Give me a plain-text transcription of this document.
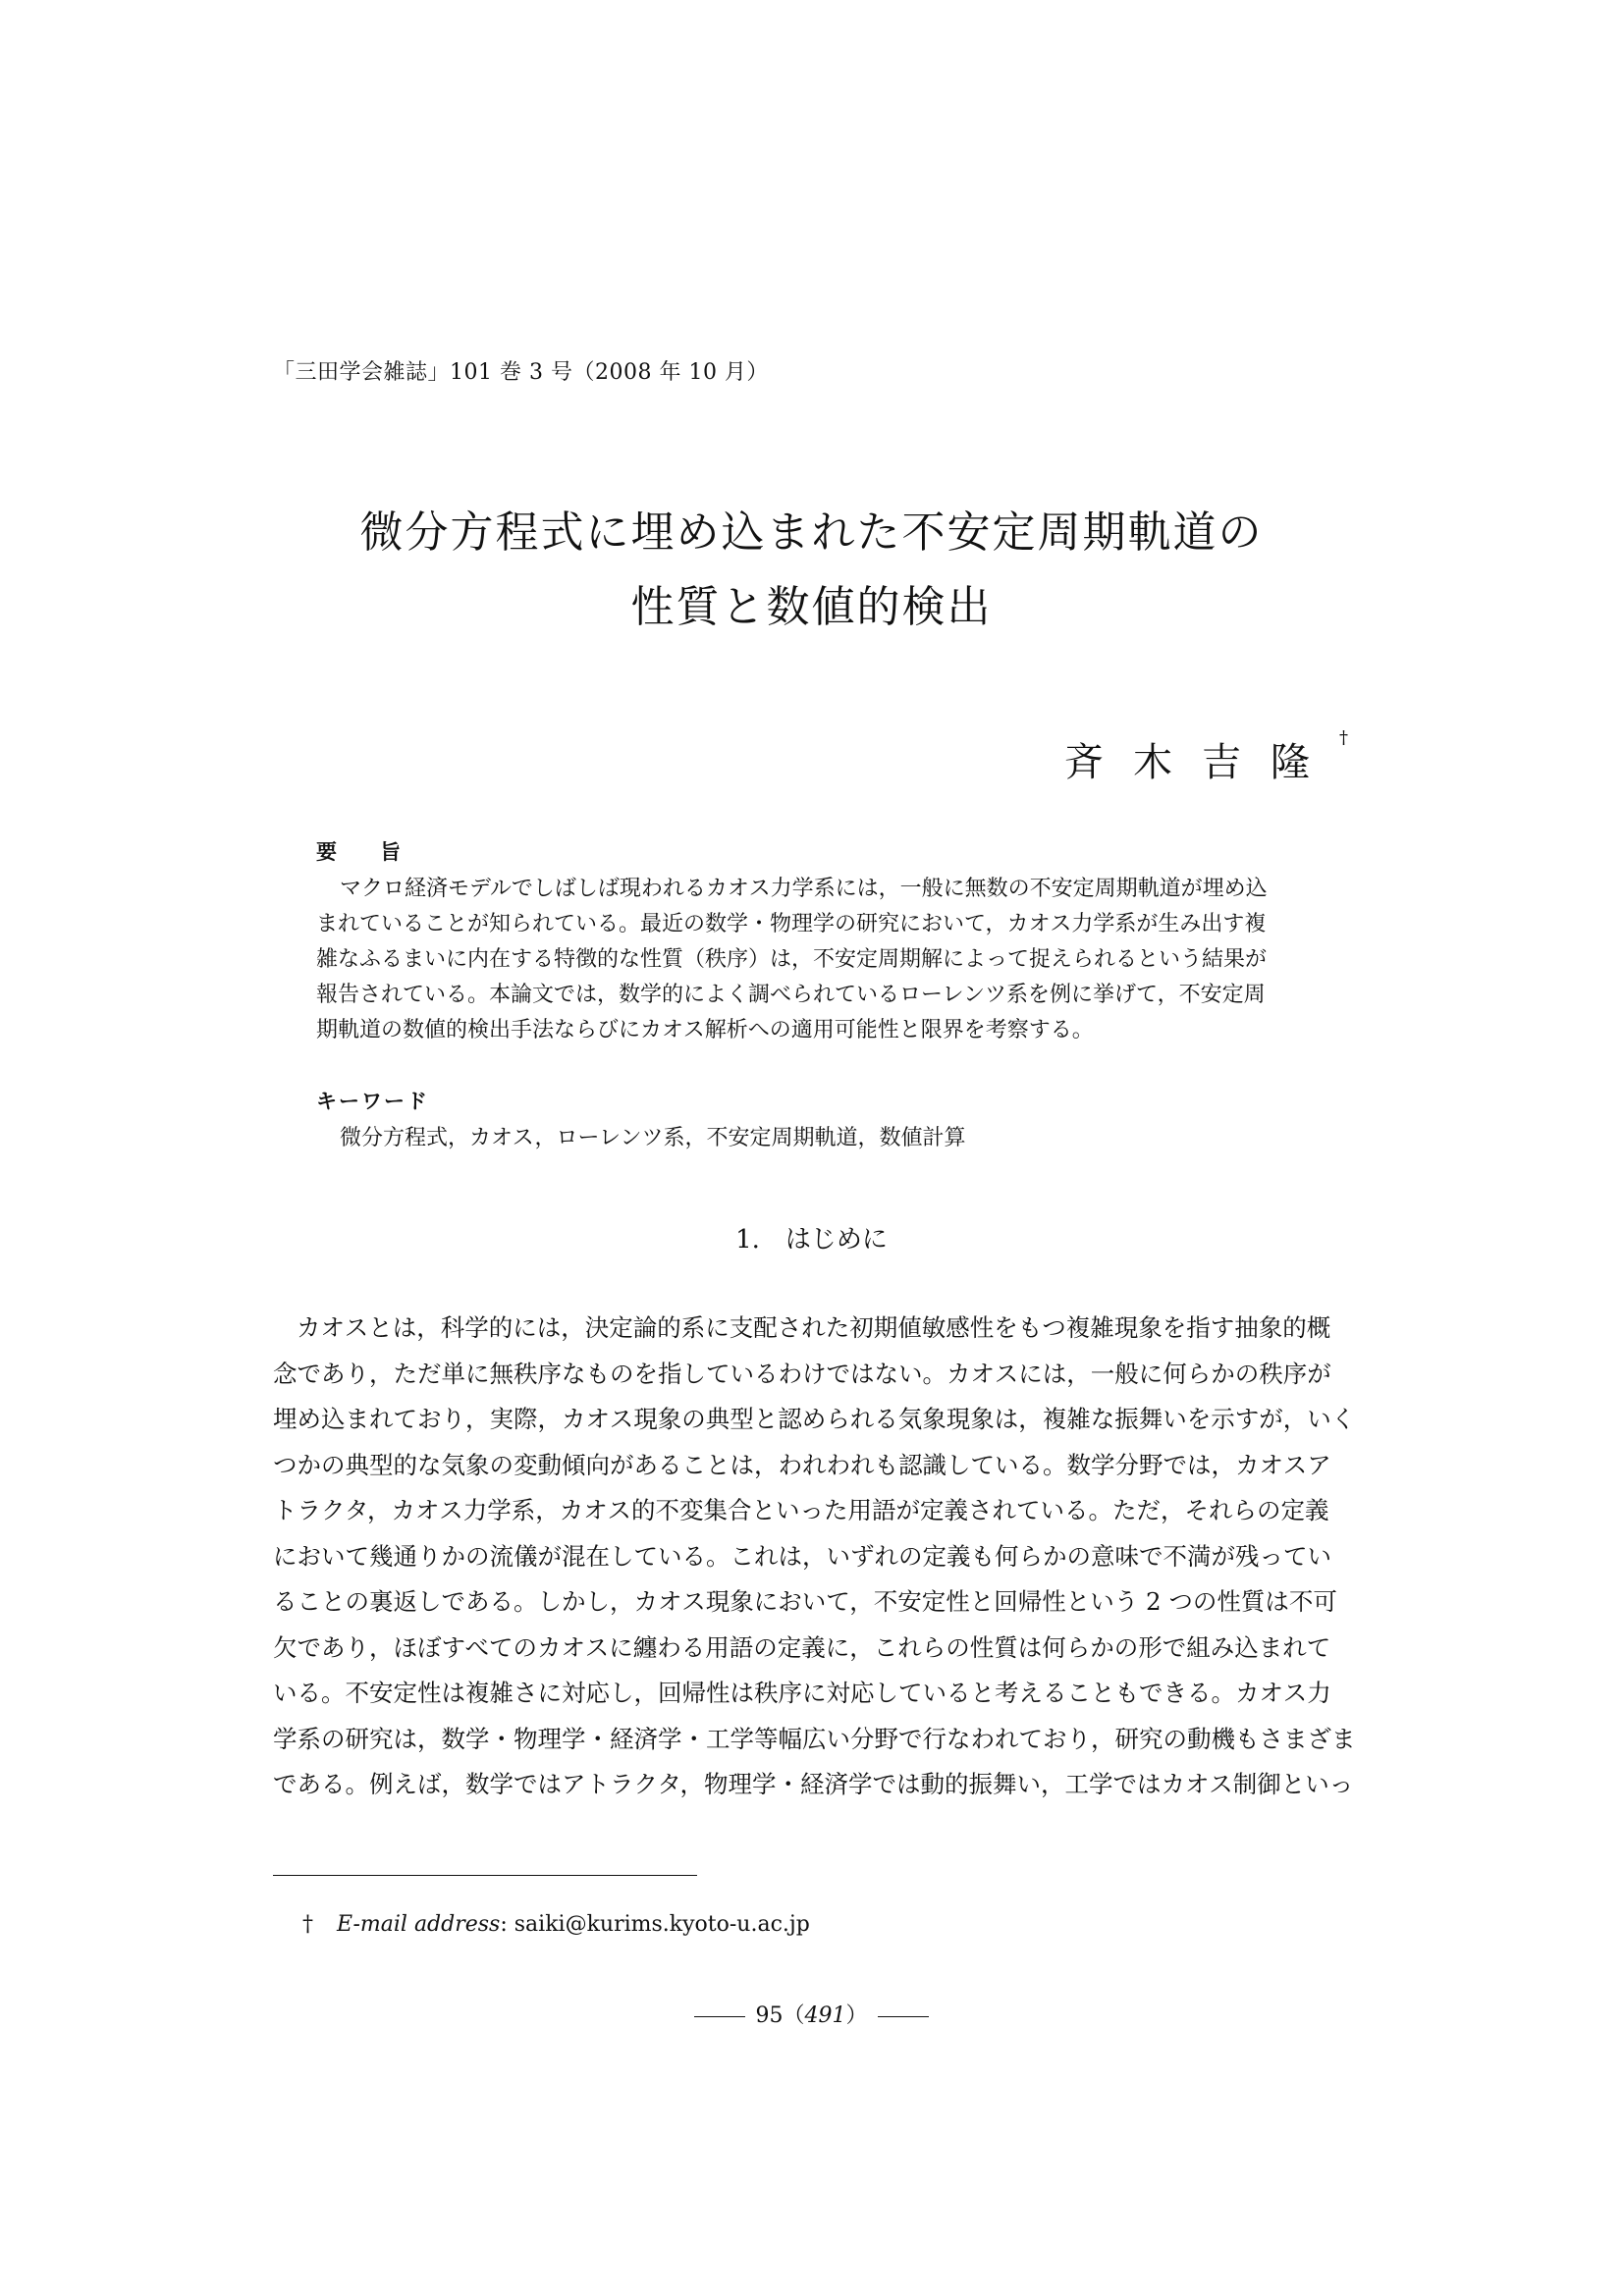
「三田学会雑誌」101 巻 3 号（2008 年 10 月）
微分方程式に埋め込まれた不安定周期軌道の
性質と数値的検出
斉木吉隆†
要旨
マクロ経済モデルでしばしば現われるカオス力学系には，一般に無数の不安定周期軌道が埋め込
まれていることが知られている。最近の数学・物理学の研究において，カオス力学系が生み出す複
雑なふるまいに内在する特徴的な性質（秩序）は，不安定周期解によって捉えられるという結果が
報告されている。本論文では，数学的によく調べられているローレンツ系を例に挙げて，不安定周
期軌道の数値的検出手法ならびにカオス解析への適用可能性と限界を考察する。
キーワード
微分方程式，カオス，ローレンツ系，不安定周期軌道，数値計算
1. はじめに
カオスとは，科学的には，決定論的系に支配された初期値敏感性をもつ複雑現象を指す抽象的概
念であり，ただ単に無秩序なものを指しているわけではない。カオスには，一般に何らかの秩序が
埋め込まれており，実際，カオス現象の典型と認められる気象現象は，複雑な振舞いを示すが，いく
つかの典型的な気象の変動傾向があることは，われわれも認識している。数学分野では，カオスア
トラクタ，カオス力学系，カオス的不変集合といった用語が定義されている。ただ，それらの定義
において幾通りかの流儀が混在している。これは，いずれの定義も何らかの意味で不満が残ってい
ることの裏返しである。しかし，カオス現象において，不安定性と回帰性という 2 つの性質は不可
欠であり，ほぼすべてのカオスに纏わる用語の定義に，これらの性質は何らかの形で組み込まれて
いる。不安定性は複雑さに対応し，回帰性は秩序に対応していると考えることもできる。カオス力
学系の研究は，数学・物理学・経済学・工学等幅広い分野で行なわれており，研究の動機もさまざま
である。例えば，数学ではアトラクタ，物理学・経済学では動的振舞い，工学ではカオス制御といっ
† E-mail address: saiki@kurims.kyoto-u.ac.jp
95（491）
